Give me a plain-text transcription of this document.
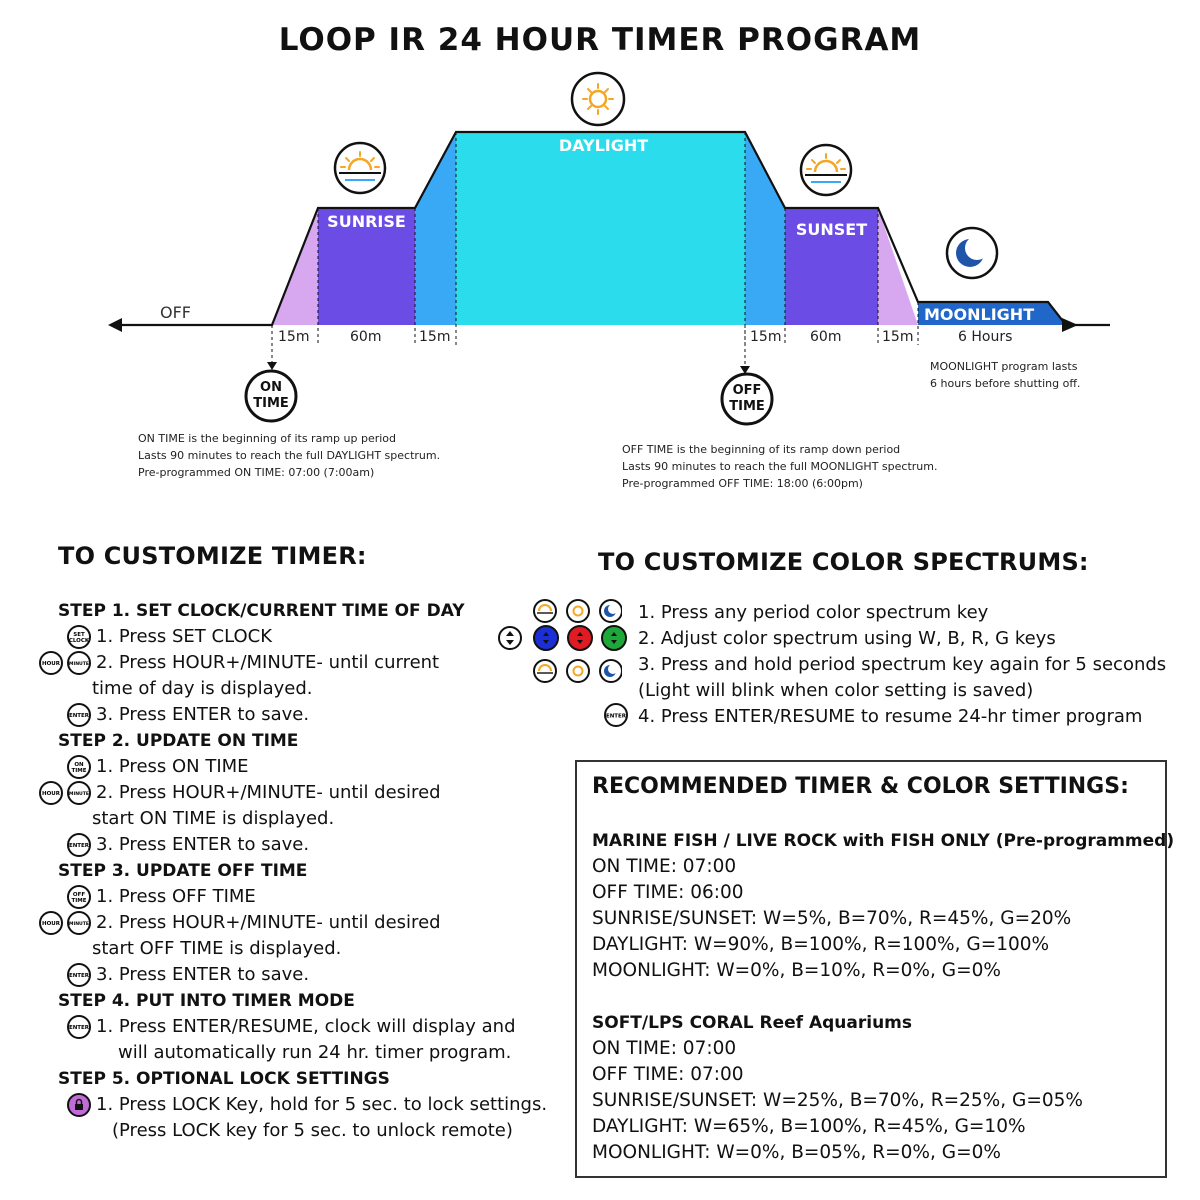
LOOP IR 24 HOUR TIMER PROGRAM
OFF
SUNRISE
DAYLIGHT
SUNSET
MOONLIGHT
15m	60m	15m	15m 60m	15m	6 Hours
ON
TIME
OFF
TIME
MOONLIGHT program lasts
6 hours before shutting off.
ON TIME is the beginning of its ramp up period
Lasts 90 minutes to reach the full DAYLIGHT spectrum.
Pre-programmed ON TIME: 07:00 (7:00am)
OFF TIME is the beginning of its ramp down period
Lasts 90 minutes to reach the full MOONLIGHT spectrum.
Pre-programmed OFF TIME: 18:00 (6:00pm)
TO CUSTOMIZE TIMER:
STEP 1. SET CLOCK/CURRENT TIME OF DAY
SET
CLOCK 1. Press SET CLOCK
HOUR MINUTE 2. Press HOUR+/MINUTE- until current
time of day is displayed.
ENTER 3. Press ENTER to save.
STEP 2. UPDATE ON TIME
ON
TIME 1. Press ON TIME
HOUR MINUTE 2. Press HOUR+/MINUTE- until desired
start ON TIME is displayed.
ENTER 3. Press ENTER to save.
STEP 3. UPDATE OFF TIME
OFF
TIME 1. Press OFF TIME
HOUR MINUTE 2. Press HOUR+/MINUTE- until desired
start OFF TIME is displayed.
ENTER 3. Press ENTER to save.
STEP 4. PUT INTO TIMER MODE
ENTER 1. Press ENTER/RESUME, clock will display and
will automatically run 24 hr. timer program.
STEP 5. OPTIONAL LOCK SETTINGS
1. Press LOCK Key, hold for 5 sec. to lock settings.
(Press LOCK key for 5 sec. to unlock remote)
TO CUSTOMIZE COLOR SPECTRUMS:
ENTER
1. Press any period color spectrum key
2. Adjust color spectrum using W, B, R, G keys
3. Press and hold period spectrum key again for 5 seconds
(Light will blink when color setting is saved)
4. Press ENTER/RESUME to resume 24-hr timer program
RECOMMENDED TIMER & COLOR SETTINGS:
MARINE FISH / LIVE ROCK with FISH ONLY (Pre-programmed)
ON TIME: 07:00
OFF TIME: 06:00
SUNRISE/SUNSET: W=5%, B=70%, R=45%, G=20%
DAYLIGHT: W=90%, B=100%, R=100%, G=100%
MOONLIGHT: W=0%, B=10%, R=0%, G=0%
SOFT/LPS CORAL Reef Aquariums
ON TIME: 07:00
OFF TIME: 07:00
SUNRISE/SUNSET: W=25%, B=70%, R=25%, G=05%
DAYLIGHT: W=65%, B=100%, R=45%, G=10%
MOONLIGHT: W=0%, B=05%, R=0%, G=0%
